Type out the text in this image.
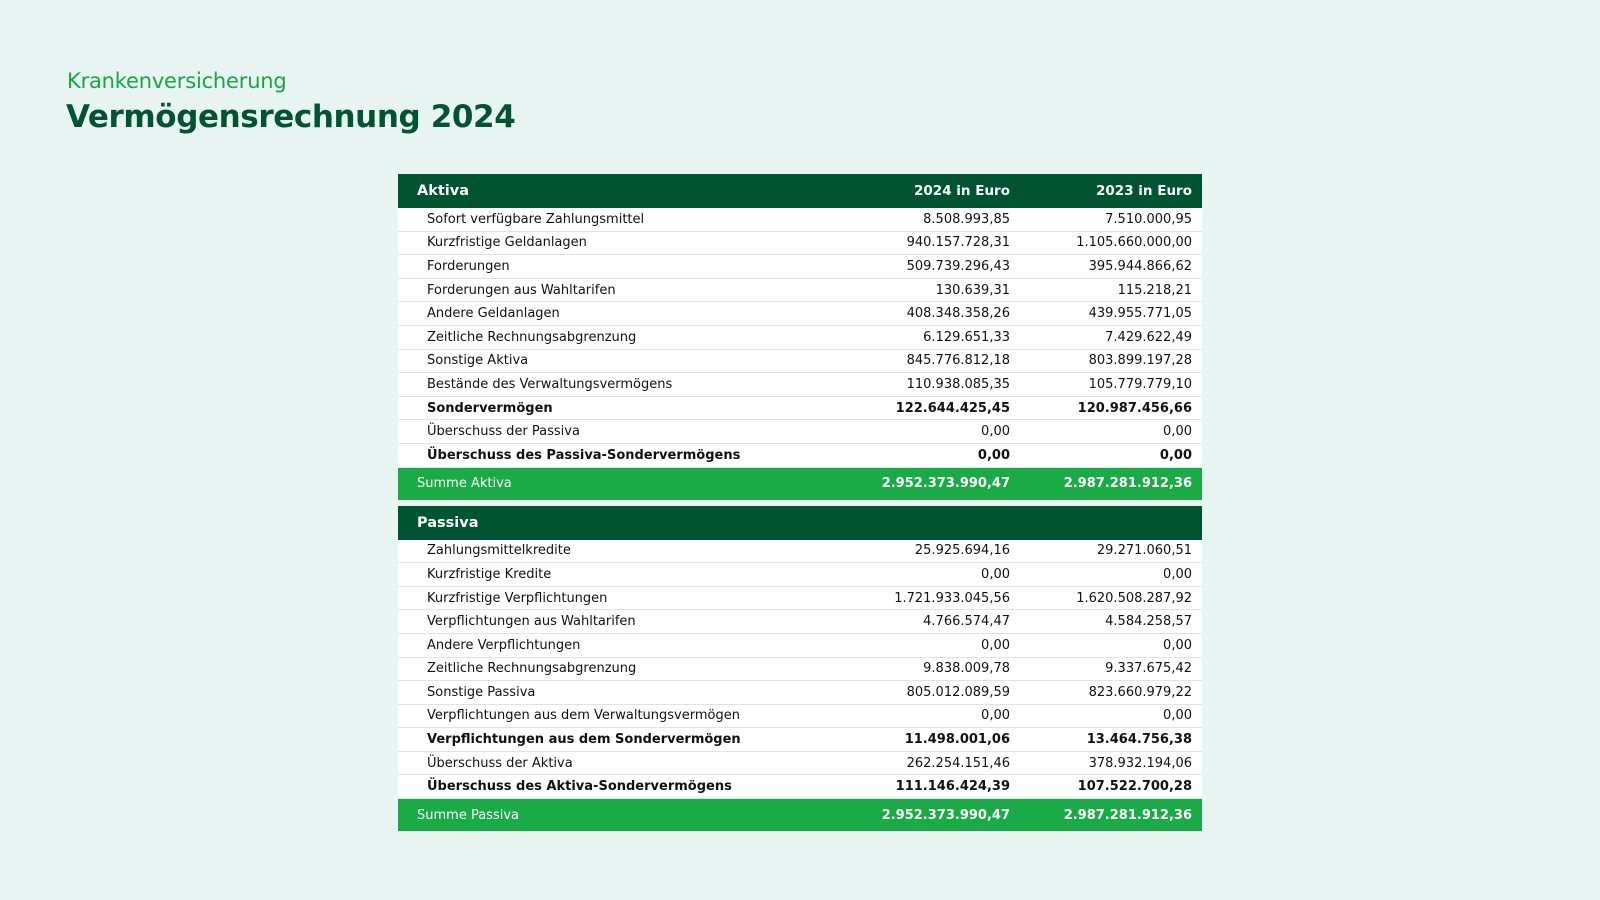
Krankenversicherung
Vermögensrechnung 2024
Aktiva	2024 in Euro	2023 in Euro
Sofort verfügbare Zahlungsmittel	8.508.993,85	7.510.000,95
Kurzfristige Geldanlagen	940.157.728,31	1.105.660.000,00
Forderungen	509.739.296,43	395.944.866,62
Forderungen aus Wahltarifen	130.639,31	115.218,21
Andere Geldanlagen	408.348.358,26	439.955.771,05
Zeitliche Rechnungsabgrenzung	6.129.651,33	7.429.622,49
Sonstige Aktiva	845.776.812,18	803.899.197,28
Bestände des Verwaltungsvermögens	110.938.085,35	105.779.779,10
Sondervermögen	122.644.425,45	120.987.456,66
Überschuss der Passiva	0,00	0,00
Überschuss des Passiva-Sondervermögens	0,00	0,00
Summe Aktiva	2.952.373.990,47	2.987.281.912,36
Passiva		
Zahlungsmittelkredite	25.925.694,16	29.271.060,51
Kurzfristige Kredite	0,00	0,00
Kurzfristige Verpflichtungen	1.721.933.045,56	1.620.508.287,92
Verpflichtungen aus Wahltarifen	4.766.574,47	4.584.258,57
Andere Verpflichtungen	0,00	0,00
Zeitliche Rechnungsabgrenzung	9.838.009,78	9.337.675,42
Sonstige Passiva	805.012.089,59	823.660.979,22
Verpflichtungen aus dem Verwaltungsvermögen	0,00	0,00
Verpflichtungen aus dem Sondervermögen	11.498.001,06	13.464.756,38
Überschuss der Aktiva	262.254.151,46	378.932.194,06
Überschuss des Aktiva-Sondervermögens	111.146.424,39	107.522.700,28
Summe Passiva	2.952.373.990,47	2.987.281.912,36
